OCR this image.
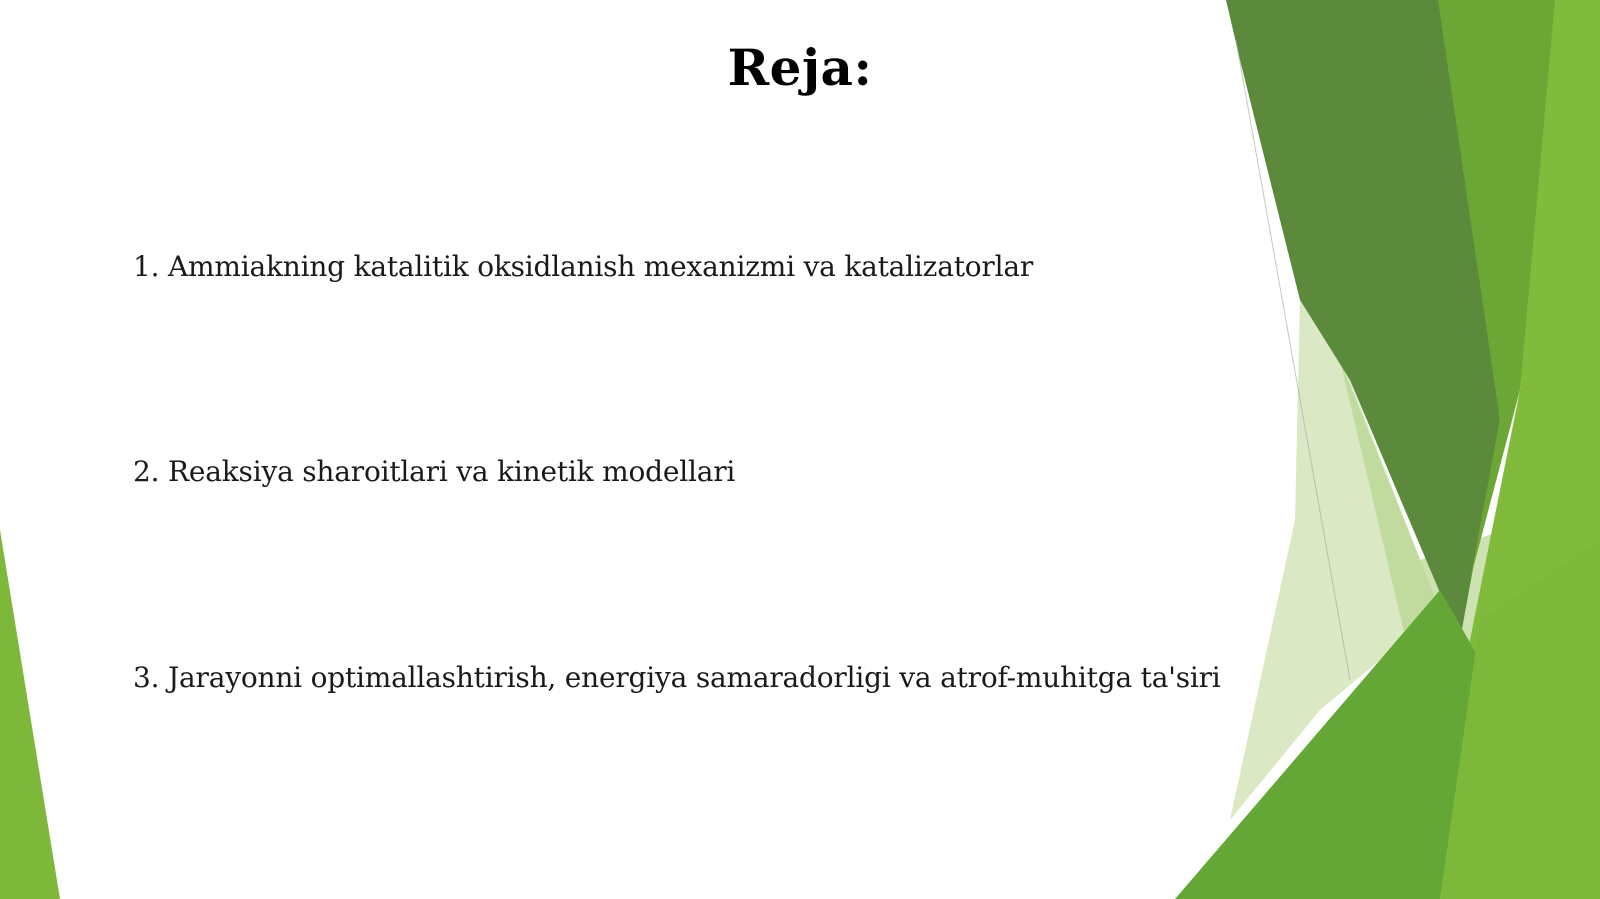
Reja:
1. Ammiakning katalitik oksidlanish mexanizmi va katalizatorlar
2. Reaksiya sharoitlari va kinetik modellari
3. Jarayonni optimallashtirish, energiya samaradorligi va atrof-muhitga ta'siri
